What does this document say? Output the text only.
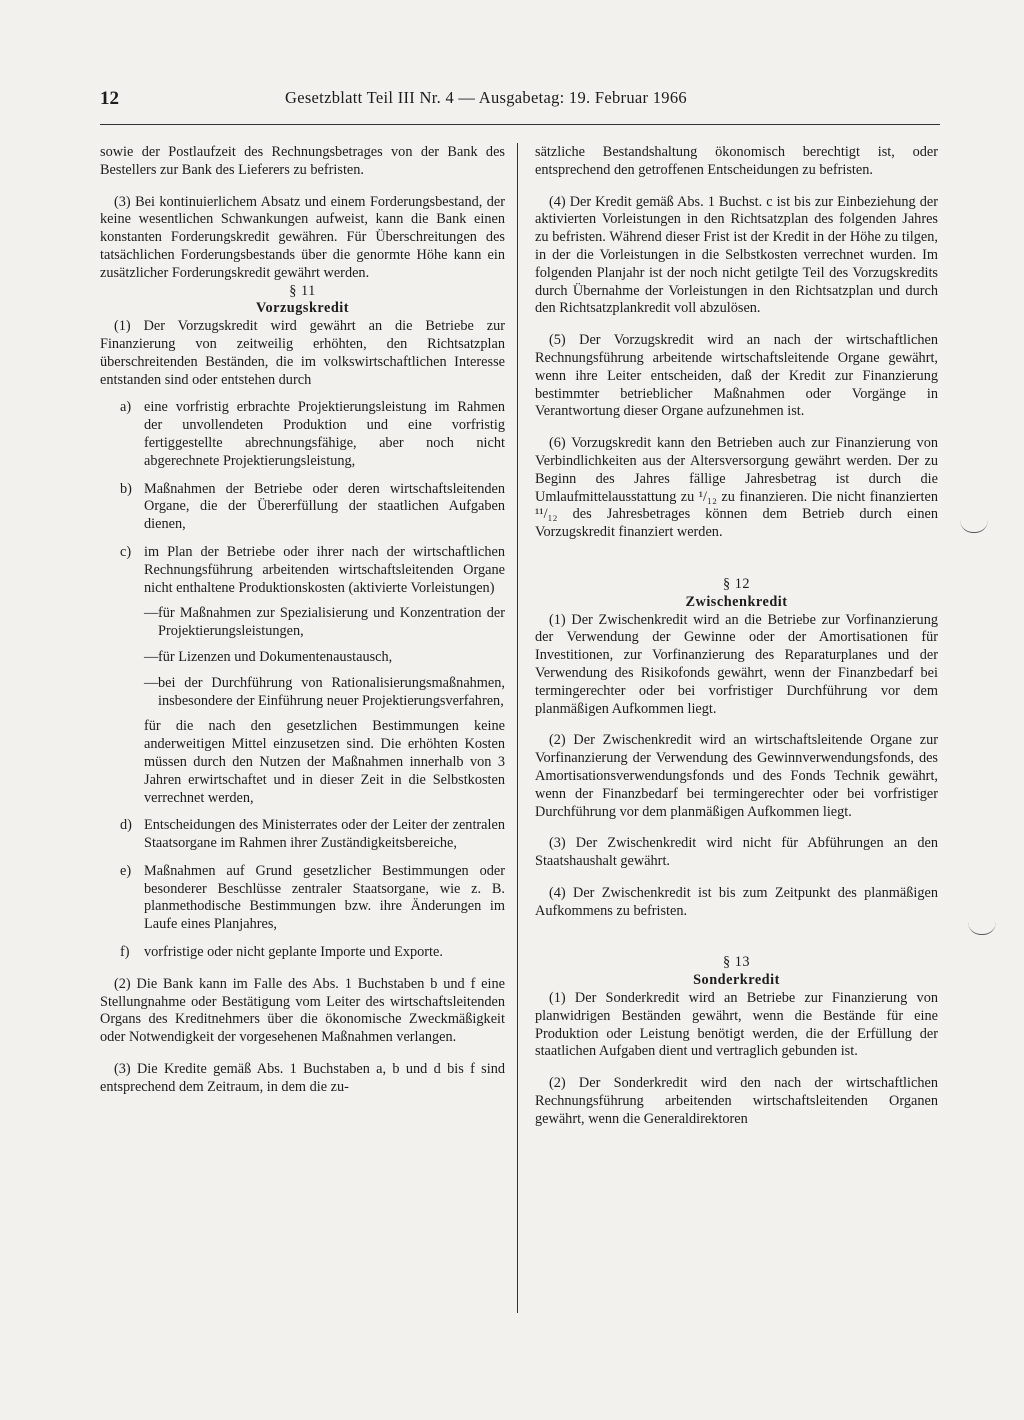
12	Gesetzblatt Teil III Nr. 4 — Ausgabetag: 19. Februar 1966

sowie der Postlaufzeit des Rechnungsbetrages von der Bank des Bestellers zur Bank des Lieferers zu befristen.

(3) Bei kontinuierlichem Absatz und einem Forderungsbestand, der keine wesentlichen Schwankungen aufweist, kann die Bank einen konstanten Forderungskredit gewähren. Für Überschreitungen des tatsächlichen Forderungsbestands über die genormte Höhe kann ein zusätzlicher Forderungskredit gewährt werden.

§ 11

Vorzugskredit

(1) Der Vorzugskredit wird gewährt an die Betriebe zur Finanzierung von zeitweilig erhöhten, den Richtsatzplan überschreitenden Beständen, die im volkswirtschaftlichen Interesse entstanden sind oder entstehen durch

a) eine vorfristig erbrachte Projektierungsleistung im Rahmen der unvollendeten Produktion und eine vorfristig fertiggestellte abrechnungsfähige, aber noch nicht abgerechnete Projektierungsleistung,

b) Maßnahmen der Betriebe oder deren wirtschaftsleitenden Organe, die der Übererfüllung der staatlichen Aufgaben dienen,

c) im Plan der Betriebe oder ihrer nach der wirtschaftlichen Rechnungsführung arbeitenden wirtschaftsleitenden Organe nicht enthaltene Produktionskosten (aktivierte Vorleistungen)

— für Maßnahmen zur Spezialisierung und Konzentration der Projektierungsleistungen,

— für Lizenzen und Dokumentenaustausch,

— bei der Durchführung von Rationalisierungsmaßnahmen, insbesondere der Einführung neuer Projektierungsverfahren,

für die nach den gesetzlichen Bestimmungen keine anderweitigen Mittel einzusetzen sind. Die erhöhten Kosten müssen durch den Nutzen der Maßnahmen innerhalb von 3 Jahren erwirtschaftet und in dieser Zeit in die Selbstkosten verrechnet werden,

d) Entscheidungen des Ministerrates oder der Leiter der zentralen Staatsorgane im Rahmen ihrer Zuständigkeitsbereiche,

e) Maßnahmen auf Grund gesetzlicher Bestimmungen oder besonderer Beschlüsse zentraler Staatsorgane, wie z. B. planmethodische Bestimmungen bzw. ihre Änderungen im Laufe eines Planjahres,

f) vorfristige oder nicht geplante Importe und Exporte.

(2) Die Bank kann im Falle des Abs. 1 Buchstaben b und f eine Stellungnahme oder Bestätigung vom Leiter des wirtschaftsleitenden Organs des Kreditnehmers über die ökonomische Zweckmäßigkeit oder Notwendigkeit der vorgesehenen Maßnahmen verlangen.

(3) Die Kredite gemäß Abs. 1 Buchstaben a, b und d bis f sind entsprechend dem Zeitraum, in dem die zu-

sätzliche Bestandshaltung ökonomisch berechtigt ist, oder entsprechend den getroffenen Entscheidungen zu befristen.

(4) Der Kredit gemäß Abs. 1 Buchst. c ist bis zur Einbeziehung der aktivierten Vorleistungen in den Richtsatzplan des folgenden Jahres zu befristen. Während dieser Frist ist der Kredit in der Höhe zu tilgen, in der die Vorleistungen in die Selbstkosten verrechnet wurden. Im folgenden Planjahr ist der noch nicht getilgte Teil des Vorzugskredits durch Übernahme der Vorleistungen in den Richtsatzplan und durch den Richtsatzplankredit voll abzulösen.

(5) Der Vorzugskredit wird an nach der wirtschaftlichen Rechnungsführung arbeitende wirtschaftsleitende Organe gewährt, wenn ihre Leiter entscheiden, daß der Kredit zur Finanzierung bestimmter betrieblicher Maßnahmen oder Vorgänge in Verantwortung dieser Organe aufzunehmen ist.

(6) Vorzugskredit kann den Betrieben auch zur Finanzierung von Verbindlichkeiten aus der Altersversorgung gewährt werden. Der zu Beginn des Jahres fällige Jahresbetrag ist durch die Umlaufmittelausstattung zu ¹/₁₂ zu finanzieren. Die nicht finanzierten ¹¹/₁₂ des Jahresbetrages können dem Betrieb durch einen Vorzugskredit finanziert werden.

§ 12

Zwischenkredit

(1) Der Zwischenkredit wird an die Betriebe zur Vorfinanzierung der Verwendung der Gewinne oder der Amortisationen für Investitionen, zur Vorfinanzierung des Reparaturplanes und der Verwendung des Risikofonds gewährt, wenn der Finanzbedarf bei termingerechter oder bei vorfristiger Durchführung vor dem planmäßigen Aufkommen liegt.

(2) Der Zwischenkredit wird an wirtschaftsleitende Organe zur Vorfinanzierung der Verwendung des Gewinnverwendungsfonds, des Amortisationsverwendungsfonds und des Fonds Technik gewährt, wenn der Finanzbedarf bei termingerechter oder bei vorfristiger Durchführung vor dem planmäßigen Aufkommen liegt.

(3) Der Zwischenkredit wird nicht für Abführungen an den Staatshaushalt gewährt.

(4) Der Zwischenkredit ist bis zum Zeitpunkt des planmäßigen Aufkommens zu befristen.

§ 13

Sonderkredit

(1) Der Sonderkredit wird an Betriebe zur Finanzierung von planwidrigen Beständen gewährt, wenn die Bestände für eine Produktion oder Leistung benötigt werden, die der Erfüllung der staatlichen Aufgaben dient und vertraglich gebunden ist.

(2) Der Sonderkredit wird den nach der wirtschaftlichen Rechnungsführung arbeitenden wirtschaftsleitenden Organen gewährt, wenn die Generaldirektoren
